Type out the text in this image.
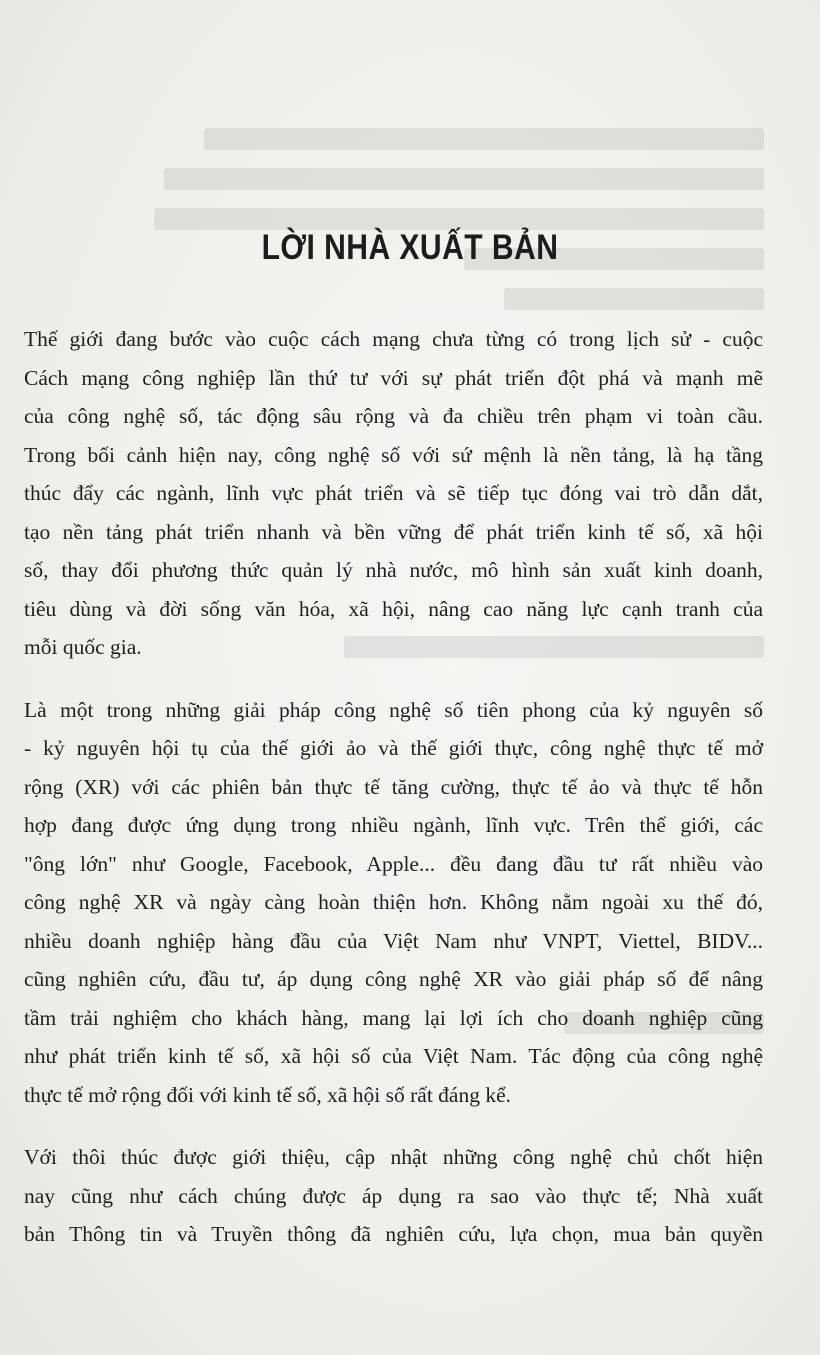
LỜI NHÀ XUẤT BẢN
Thế giới đang bước vào cuộc cách mạng chưa từng có trong lịch sử - cuộc
Cách mạng công nghiệp lần thứ tư với sự phát triển đột phá và mạnh mẽ
của công nghệ số, tác động sâu rộng và đa chiều trên phạm vi toàn cầu.
Trong bối cảnh hiện nay, công nghệ số với sứ mệnh là nền tảng, là hạ tầng
thúc đẩy các ngành, lĩnh vực phát triển và sẽ tiếp tục đóng vai trò dẫn dắt,
tạo nền tảng phát triển nhanh và bền vững để phát triển kinh tế số, xã hội
số, thay đổi phương thức quản lý nhà nước, mô hình sản xuất kinh doanh,
tiêu dùng và đời sống văn hóa, xã hội, nâng cao năng lực cạnh tranh của
mỗi quốc gia.
Là một trong những giải pháp công nghệ số tiên phong của kỷ nguyên số
- kỷ nguyên hội tụ của thế giới ảo và thế giới thực, công nghệ thực tế mở
rộng (XR) với các phiên bản thực tế tăng cường, thực tế ảo và thực tế hỗn
hợp đang được ứng dụng trong nhiều ngành, lĩnh vực. Trên thế giới, các
"ông lớn" như Google, Facebook, Apple... đều đang đầu tư rất nhiều vào
công nghệ XR và ngày càng hoàn thiện hơn. Không nằm ngoài xu thế đó,
nhiều doanh nghiệp hàng đầu của Việt Nam như VNPT, Viettel, BIDV...
cũng nghiên cứu, đầu tư, áp dụng công nghệ XR vào giải pháp số để nâng
tầm trải nghiệm cho khách hàng, mang lại lợi ích cho doanh nghiệp cũng
như phát triển kinh tế số, xã hội số của Việt Nam. Tác động của công nghệ
thực tế mở rộng đối với kinh tế số, xã hội số rất đáng kể.
Với thôi thúc được giới thiệu, cập nhật những công nghệ chủ chốt hiện
nay cũng như cách chúng được áp dụng ra sao vào thực tế; Nhà xuất
bản Thông tin và Truyền thông đã nghiên cứu, lựa chọn, mua bản quyền
